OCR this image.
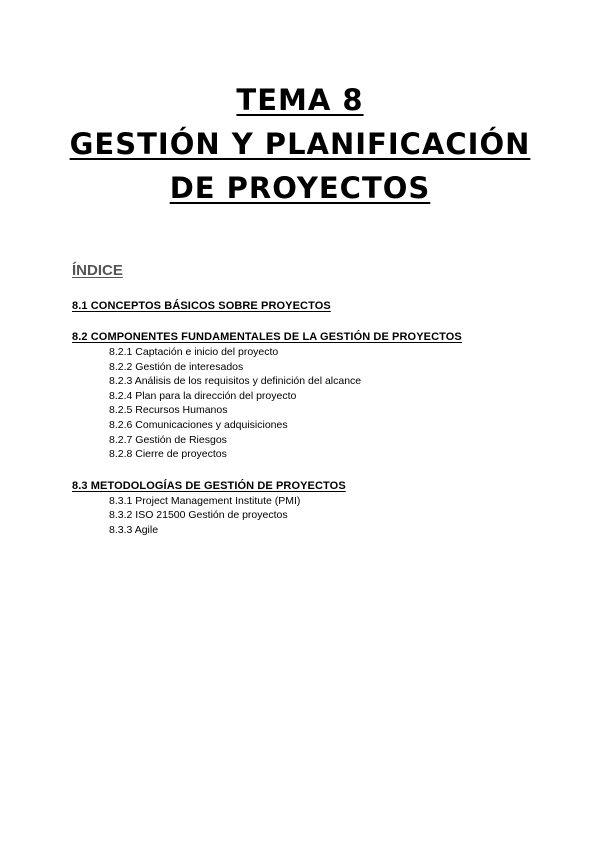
TEMA 8
GESTIÓN Y PLANIFICACIÓN
DE PROYECTOS
ÍNDICE
8.1 CONCEPTOS BÁSICOS SOBRE PROYECTOS
8.2 COMPONENTES FUNDAMENTALES DE LA GESTIÓN DE PROYECTOS
8.2.1 Captación e inicio del proyecto
8.2.2 Gestión de interesados
8.2.3 Análisis de los requisitos y definición del alcance
8.2.4 Plan para la dirección del proyecto
8.2.5 Recursos Humanos
8.2.6 Comunicaciones y adquisiciones
8.2.7 Gestión de Riesgos
8.2.8 Cierre de proyectos
8.3 METODOLOGÍAS DE GESTIÓN DE PROYECTOS
8.3.1 Project Management Institute (PMI)
8.3.2 ISO 21500 Gestión de proyectos
8.3.3 Agile
